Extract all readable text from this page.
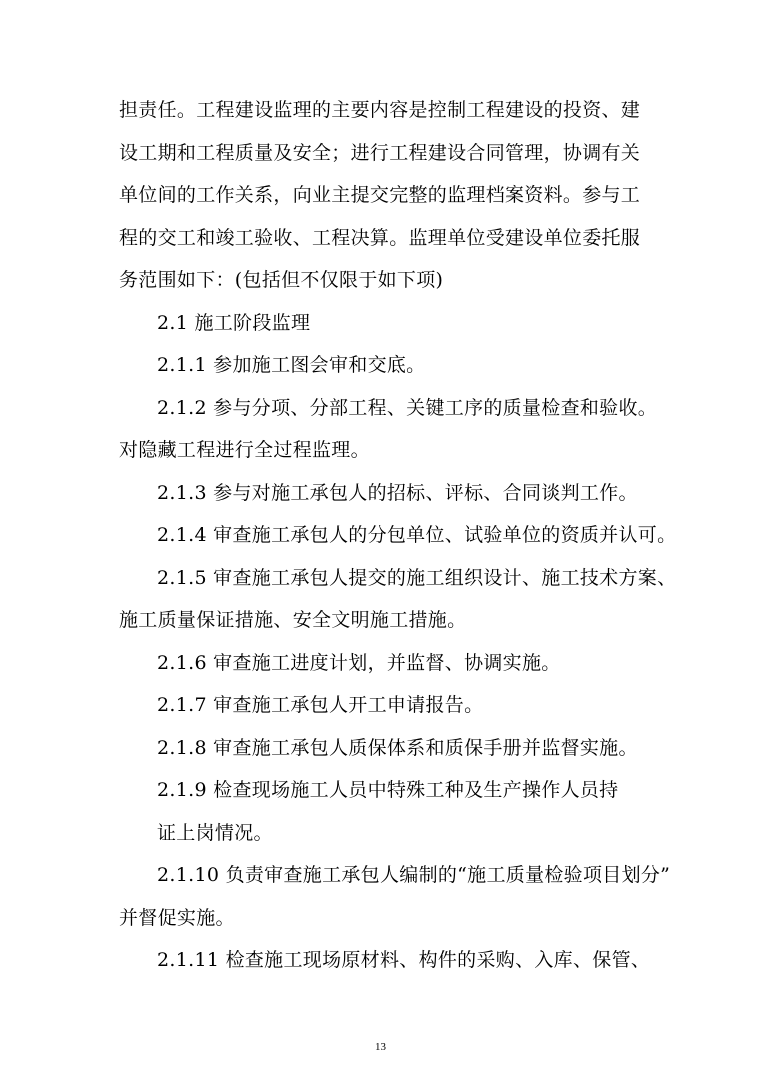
担责任。工程建设监理的主要内容是控制工程建设的投资、建
设工期和工程质量及安全；进行工程建设合同管理，协调有关
单位间的工作关系，向业主提交完整的监理档案资料。参与工
程的交工和竣工验收、工程决算。监理单位受建设单位委托服
务范围如下：(包括但不仅限于如下项)
2.1 施工阶段监理
2.1.1 参加施工图会审和交底。
2.1.2 参与分项、分部工程、关键工序的质量检查和验收。
对隐藏工程进行全过程监理。
2.1.3 参与对施工承包人的招标、评标、合同谈判工作。
2.1.4 审查施工承包人的分包单位、试验单位的资质并认可。
2.1.5 审查施工承包人提交的施工组织设计、施工技术方案、
施工质量保证措施、安全文明施工措施。
2.1.6 审查施工进度计划，并监督、协调实施。
2.1.7 审查施工承包人开工申请报告。
2.1.8 审查施工承包人质保体系和质保手册并监督实施。
2.1.9 检查现场施工人员中特殊工种及生产操作人员持
证上岗情况。
2.1.10 负责审查施工承包人编制的“施工质量检验项目划分”
并督促实施。
2.1.11 检查施工现场原材料、构件的采购、入库、保管、
13
